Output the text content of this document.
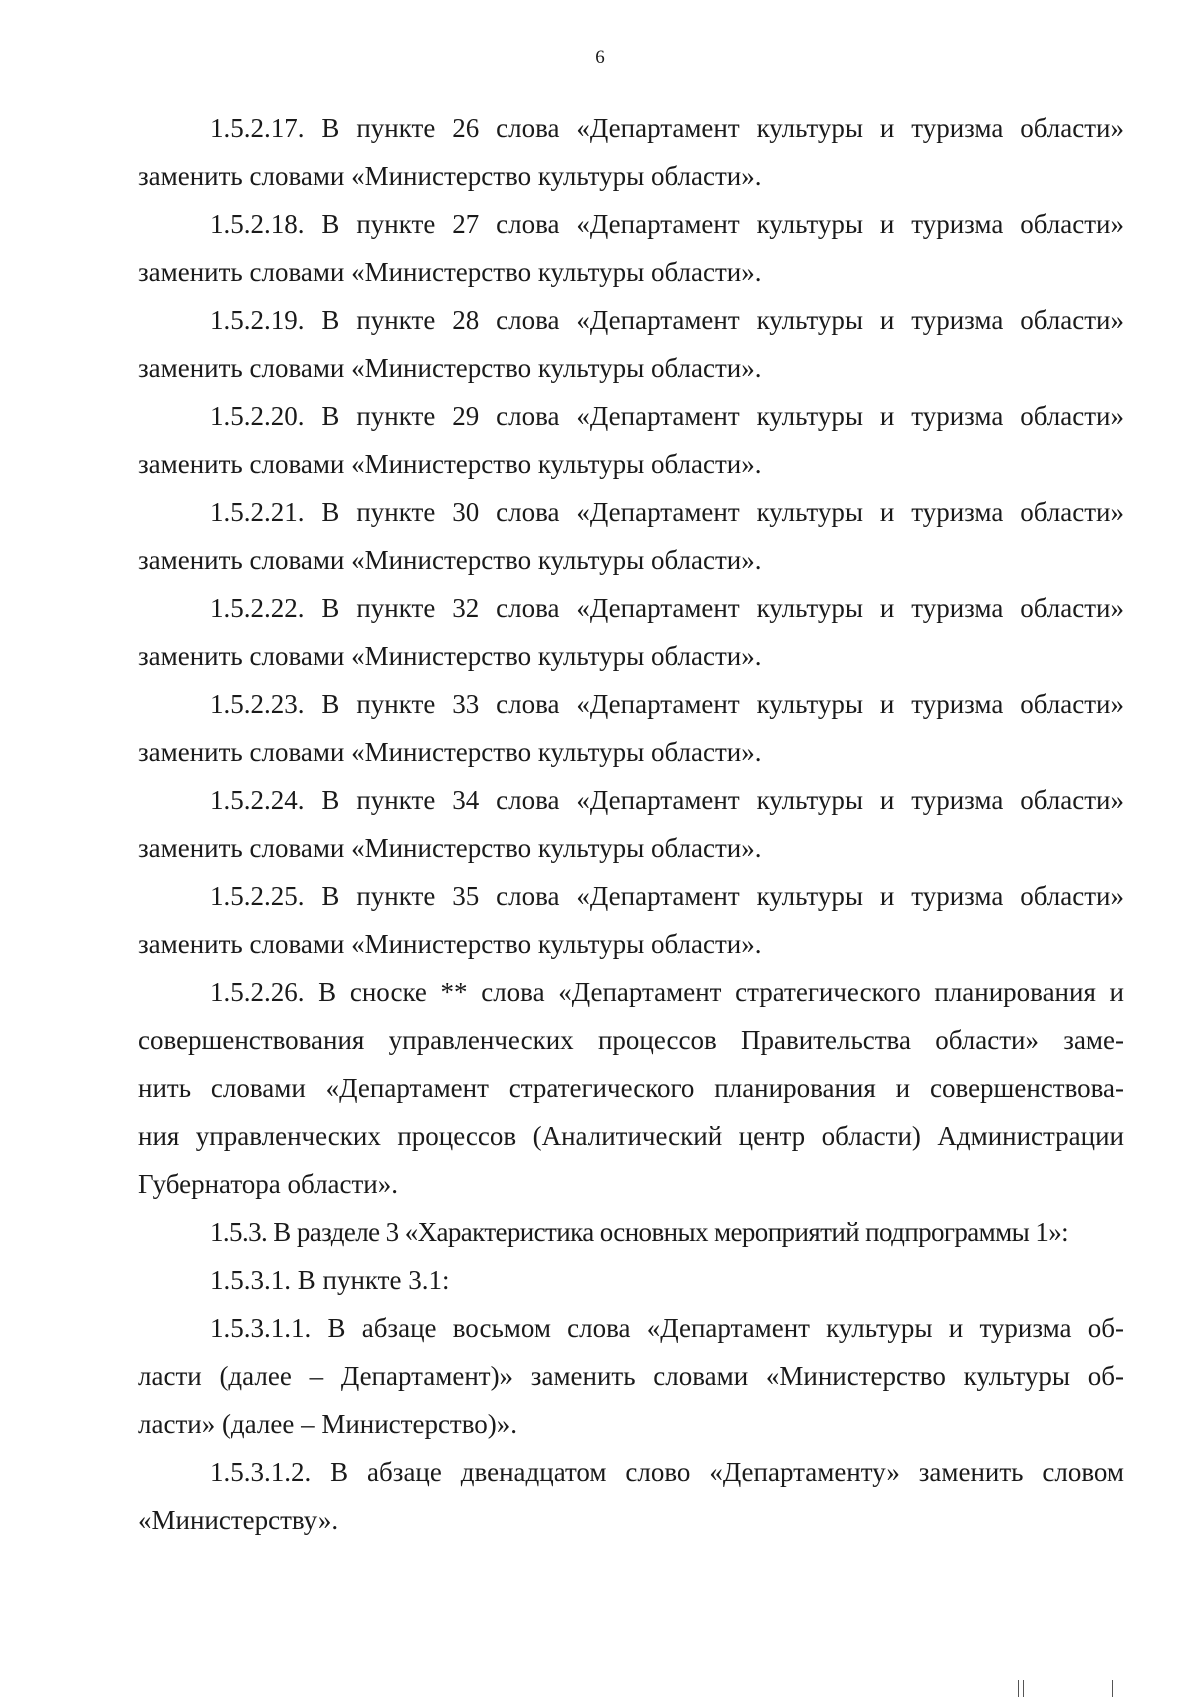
6
1.5.2.17. В пункте 26 слова «Департамент культуры и туризма области»
заменить словами «Министерство культуры области».
1.5.2.18. В пункте 27 слова «Департамент культуры и туризма области»
заменить словами «Министерство культуры области».
1.5.2.19. В пункте 28 слова «Департамент культуры и туризма области»
заменить словами «Министерство культуры области».
1.5.2.20. В пункте 29 слова «Департамент культуры и туризма области»
заменить словами «Министерство культуры области».
1.5.2.21. В пункте 30 слова «Департамент культуры и туризма области»
заменить словами «Министерство культуры области».
1.5.2.22. В пункте 32 слова «Департамент культуры и туризма области»
заменить словами «Министерство культуры области».
1.5.2.23. В пункте 33 слова «Департамент культуры и туризма области»
заменить словами «Министерство культуры области».
1.5.2.24. В пункте 34 слова «Департамент культуры и туризма области»
заменить словами «Министерство культуры области».
1.5.2.25. В пункте 35 слова «Департамент культуры и туризма области»
заменить словами «Министерство культуры области».
1.5.2.26. В сноске ** слова «Департамент стратегического планирования и
совершенствования управленческих процессов Правительства области» заме-
нить словами «Департамент стратегического планирования и совершенствова-
ния управленческих процессов (Аналитический центр области) Администрации
Губернатора области».
1.5.3. В разделе 3 «Характеристика основных мероприятий подпрограммы 1»:
1.5.3.1. В пункте 3.1:
1.5.3.1.1. В абзаце восьмом слова «Департамент культуры и туризма об-
ласти (далее – Департамент)» заменить словами «Министерство культуры об-
ласти» (далее – Министерство)».
1.5.3.1.2. В абзаце двенадцатом слово «Департаменту» заменить словом
«Министерству».
